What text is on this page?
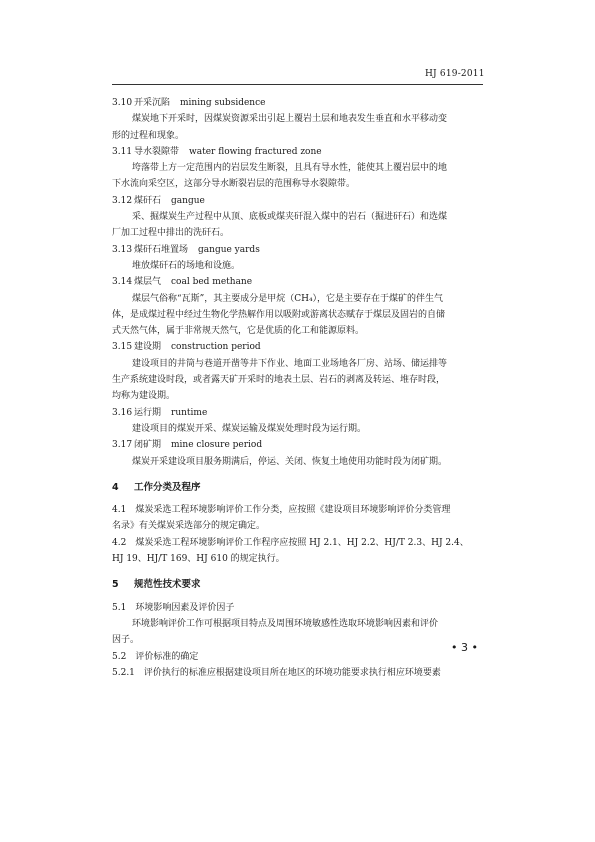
HJ 619-2011
3.10 开采沉陷 mining subsidence
煤炭地下开采时，因煤炭资源采出引起上覆岩土层和地表发生垂直和水平移动变
形的过程和现象。
3.11 导水裂隙带 water flowing fractured zone
垮落带上方一定范围内的岩层发生断裂，且具有导水性，能使其上覆岩层中的地
下水流向采空区，这部分导水断裂岩层的范围称导水裂隙带。
3.12 煤矸石 gangue
采、掘煤炭生产过程中从顶、底板或煤夹矸混入煤中的岩石（掘进矸石）和选煤
厂加工过程中排出的洗矸石。
3.13 煤矸石堆置场 gangue yards
堆放煤矸石的场地和设施。
3.14 煤层气 coal bed methane
煤层气俗称“瓦斯”，其主要成分是甲烷（CH₄），它是主要存在于煤矿的伴生气
体，是成煤过程中经过生物化学热解作用以吸附或游离状态赋存于煤层及固岩的自储
式天然气体，属于非常规天然气，它是优质的化工和能源原料。
3.15 建设期 construction period
建设项目的井筒与巷道开凿等井下作业、地面工业场地各厂房、站场、储运排等
生产系统建设时段，或者露天矿开采时的地表土层、岩石的剥离及转运、堆存时段，
均称为建设期。
3.16 运行期 runtime
建设项目的煤炭开采、煤炭运输及煤炭处理时段为运行期。
3.17 闭矿期 mine closure period
煤炭开采建设项目服务期满后，停运、关闭、恢复土地使用功能时段为闭矿期。
4 工作分类及程序
4.1　煤炭采选工程环境影响评价工作分类，应按照《建设项目环境影响评价分类管理
名录》有关煤炭采选部分的规定确定。
4.2　煤炭采选工程环境影响评价工作程序应按照 HJ 2.1、HJ 2.2、HJ/T 2.3、HJ 2.4、
HJ 19、HJ/T 169、HJ 610 的规定执行。
5 规范性技术要求
5.1　环境影响因素及评价因子
环境影响评价工作可根据项目特点及周围环境敏感性选取环境影响因素和评价
因子。
5.2　评价标准的确定
5.2.1　评价执行的标准应根据建设项目所在地区的环境功能要求执行相应环境要素
• 3 •
